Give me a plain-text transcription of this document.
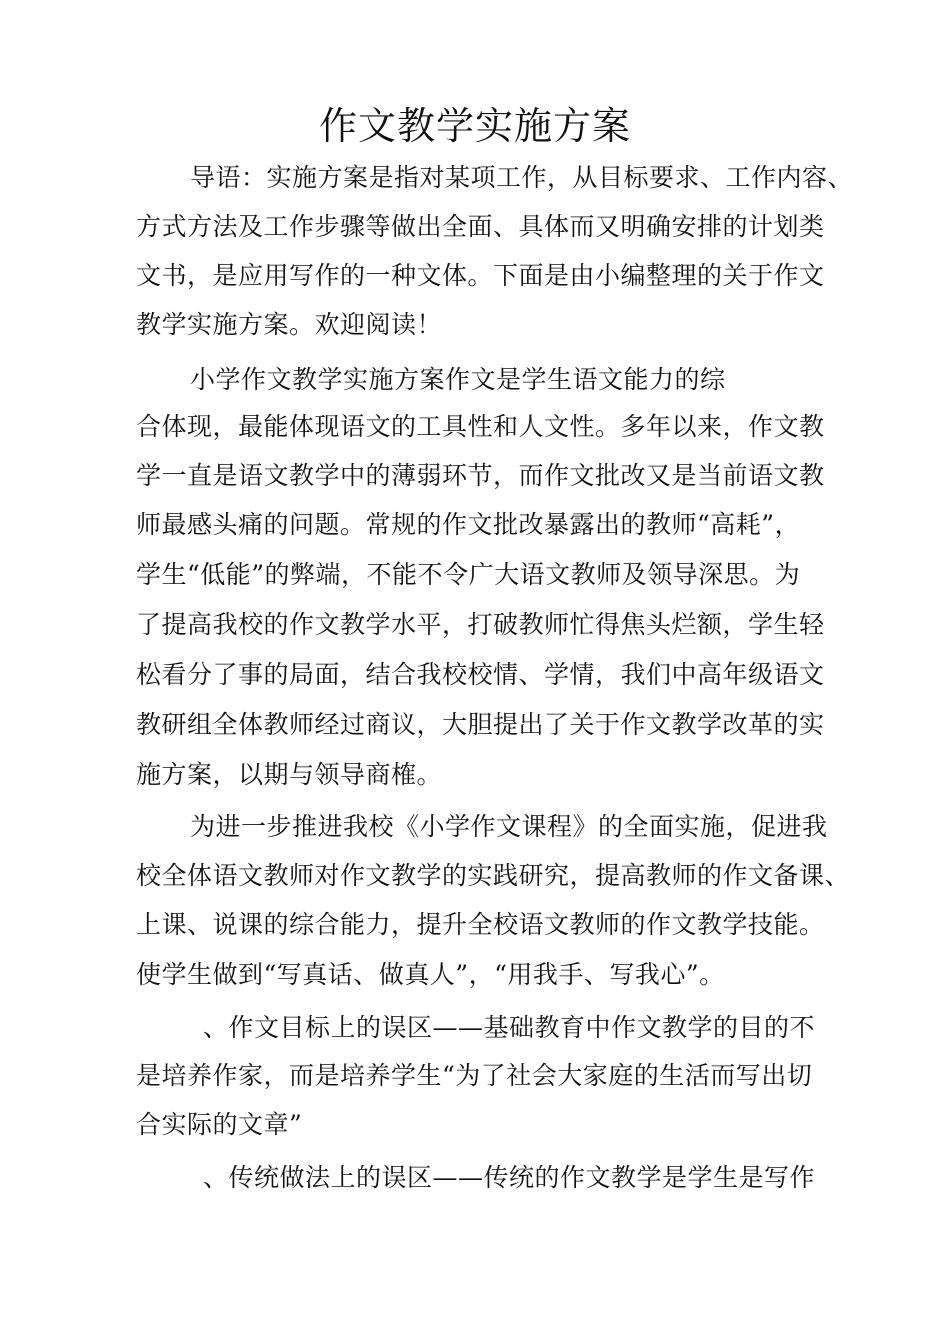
作文教学实施方案
导语：实施方案是指对某项工作，从目标要求、工作内容、
方式方法及工作步骤等做出全面、具体而又明确安排的计划类
文书，是应用写作的一种文体。下面是由小编整理的关于作文
教学实施方案。欢迎阅读！
小学作文教学实施方案作文是学生语文能力的综
合体现，最能体现语文的工具性和人文性。多年以来，作文教
学一直是语文教学中的薄弱环节，而作文批改又是当前语文教
师最感头痛的问题。常规的作文批改暴露出的教师“高耗”，
学生“低能”的弊端，不能不令广大语文教师及领导深思。为
了提高我校的作文教学水平，打破教师忙得焦头烂额，学生轻
松看分了事的局面，结合我校校情、学情，我们中高年级语文
教研组全体教师经过商议，大胆提出了关于作文教学改革的实
施方案，以期与领导商榷。
为进一步推进我校《小学作文课程》的全面实施，促进我
校全体语文教师对作文教学的实践研究，提高教师的作文备课、
上课、说课的综合能力，提升全校语文教师的作文教学技能。
使学生做到“写真话、做真人”，“用我手、写我心”。
、作文目标上的误区——基础教育中作文教学的目的不
是培养作家，而是培养学生“为了社会大家庭的生活而写出切
合实际的文章”
、传统做法上的误区——传统的作文教学是学生是写作
